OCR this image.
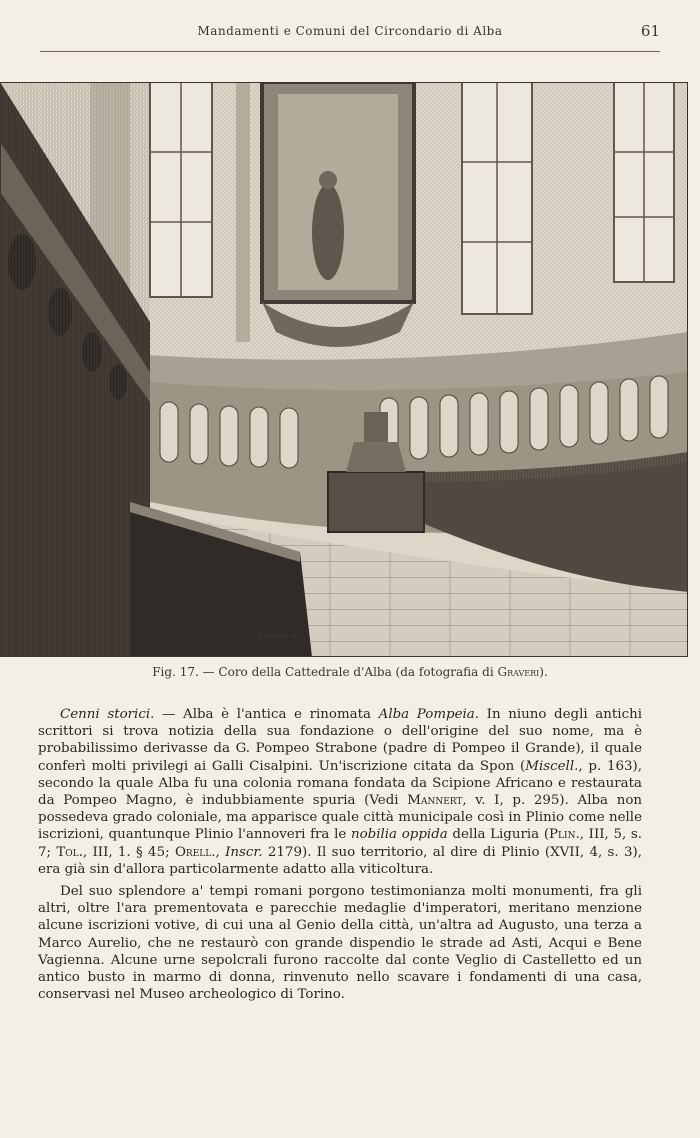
Mandamenti e Comuni del Circondario di Alba	61
Fornari sc.
Fig. 17. — Coro della Cattedrale d'Alba (da fotografia di Graveri).

Cenni storici. — Alba è l'antica e rinomata Alba Pompeia. In niuno degli antichi scrittori si trova notizia della sua fondazione o dell'origine del suo nome, ma è probabilissimo derivasse da G. Pompeo Strabone (padre di Pompeo il Grande), il quale conferì molti privilegi ai Galli Cisalpini. Un'iscrizione citata da Spon (Miscell., p. 163), secondo la quale Alba fu una colonia romana fondata da Scipione Africano e restaurata da Pompeo Magno, è indubbiamente spuria (Vedi Mannert, v. I, p. 295). Alba non possedeva grado coloniale, ma apparisce quale città municipale così in Plinio come nelle iscrizioni, quantunque Plinio l'annoveri fra le nobilia oppida della Liguria (Plin., III, 5, s. 7; Tol., III, 1. § 45; Orell., Inscr. 2179). Il suo territorio, al dire di Plinio (XVII, 4, s. 3), era già sin d'allora particolarmente adatto alla viticoltura.

Del suo splendore a' tempi romani porgono testimonianza molti monumenti, fra gli altri, oltre l'ara prementovata e parecchie medaglie d'imperatori, meritano menzione alcune iscrizioni votive, di cui una al Genio della città, un'altra ad Augusto, una terza a Marco Aurelio, che ne restaurò con grande dispendio le strade ad Asti, Acqui e Bene Vagienna. Alcune urne sepolcrali furono raccolte dal conte Veglio di Castelletto ed un antico busto in marmo di donna, rinvenuto nello scavare i fondamenti di una casa, conservasi nel Museo archeologico di Torino.
